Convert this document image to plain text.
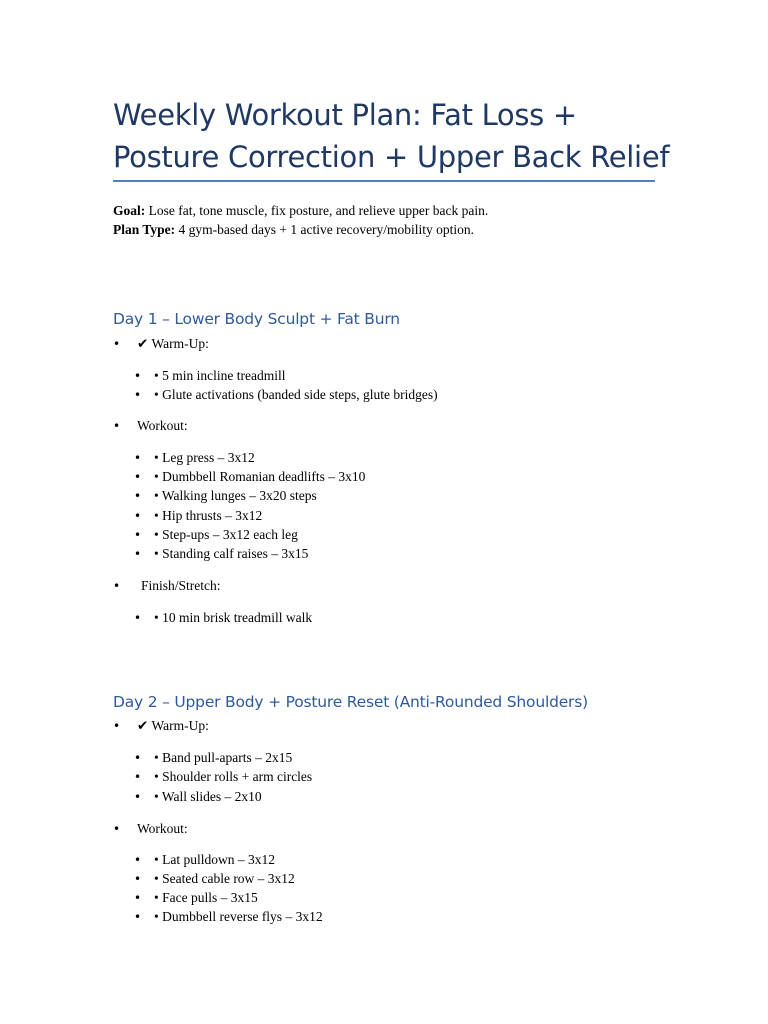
Weekly Workout Plan: Fat Loss +
Posture Correction + Upper Back Relief
Goal: Lose fat, tone muscle, fix posture, and relieve upper back pain.
Plan Type: 4 gym-based days + 1 active recovery/mobility option.
Day 1 – Lower Body Sculpt + Fat Burn
• ✔ Warm-Up:
• • 5 min incline treadmill
• • Glute activations (banded side steps, glute bridges)
• Workout:
• • Leg press – 3x12
• • Dumbbell Romanian deadlifts – 3x10
• • Walking lunges – 3x20 steps
• • Hip thrusts – 3x12
• • Step-ups – 3x12 each leg
• • Standing calf raises – 3x15
• Finish/Stretch:
• • 10 min brisk treadmill walk
Day 2 – Upper Body + Posture Reset (Anti-Rounded Shoulders)
• ✔ Warm-Up:
• • Band pull-aparts – 2x15
• • Shoulder rolls + arm circles
• • Wall slides – 2x10
• Workout:
• • Lat pulldown – 3x12
• • Seated cable row – 3x12
• • Face pulls – 3x15
• • Dumbbell reverse flys – 3x12
